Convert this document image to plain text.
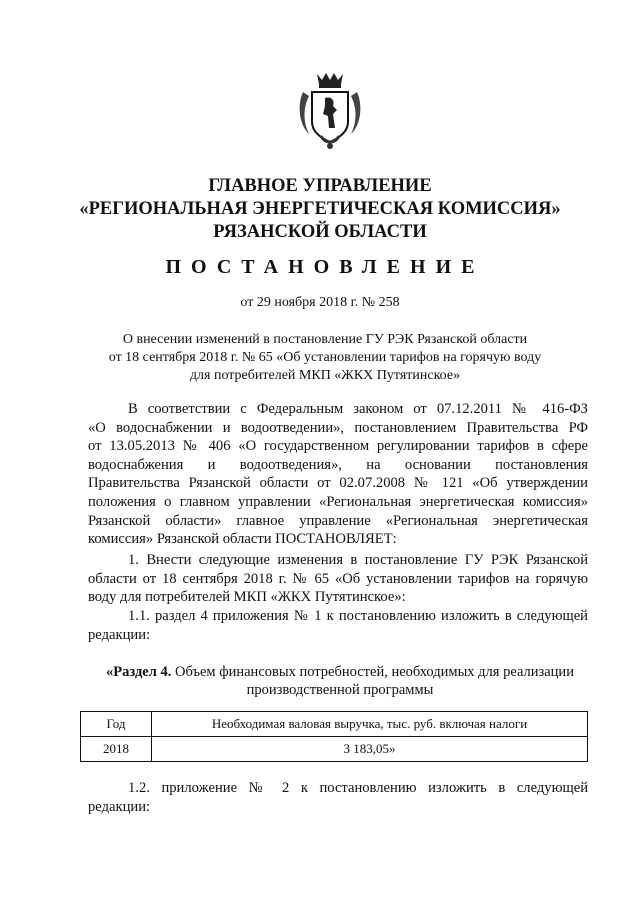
ГЛАВНОЕ УПРАВЛЕНИЕ
«РЕГИОНАЛЬНАЯ ЭНЕРГЕТИЧЕСКАЯ КОМИССИЯ»
РЯЗАНСКОЙ ОБЛАСТИ
ПОСТАНОВЛЕНИЕ
от 29 ноября 2018 г. № 258
О внесении изменений в постановление ГУ РЭК Рязанской области
от 18 сентября 2018 г. № 65 «Об установлении тарифов на горячую воду
для потребителей МКП «ЖКХ Путятинское»
В соответствии с Федеральным законом от 07.12.2011 № 416-ФЗ
«О водоснабжении и водоотведении», постановлением Правительства РФ
от 13.05.2013 № 406 «О государственном регулировании тарифов в сфере
водоснабжения и водоотведения», на основании постановления
Правительства Рязанской области от 02.07.2008 № 121 «Об утверждении
положения о главном управлении «Региональная энергетическая комиссия»
Рязанской области» главное управление «Региональная энергетическая
комиссия» Рязанской области ПОСТАНОВЛЯЕТ:
1. Внести следующие изменения в постановление ГУ РЭК Рязанской
области от 18 сентября 2018 г. № 65 «Об установлении тарифов на горячую
воду для потребителей МКП «ЖКХ Путятинское»:
1.1. раздел 4 приложения № 1 к постановлению изложить в следующей
редакции:
«Раздел 4. Объем финансовых потребностей, необходимых для реализации
производственной программы
Год	Необходимая валовая выручка, тыс. руб. включая налоги
2018	3 183,05»
1.2. приложение № 2 к постановлению изложить в следующей
редакции:
